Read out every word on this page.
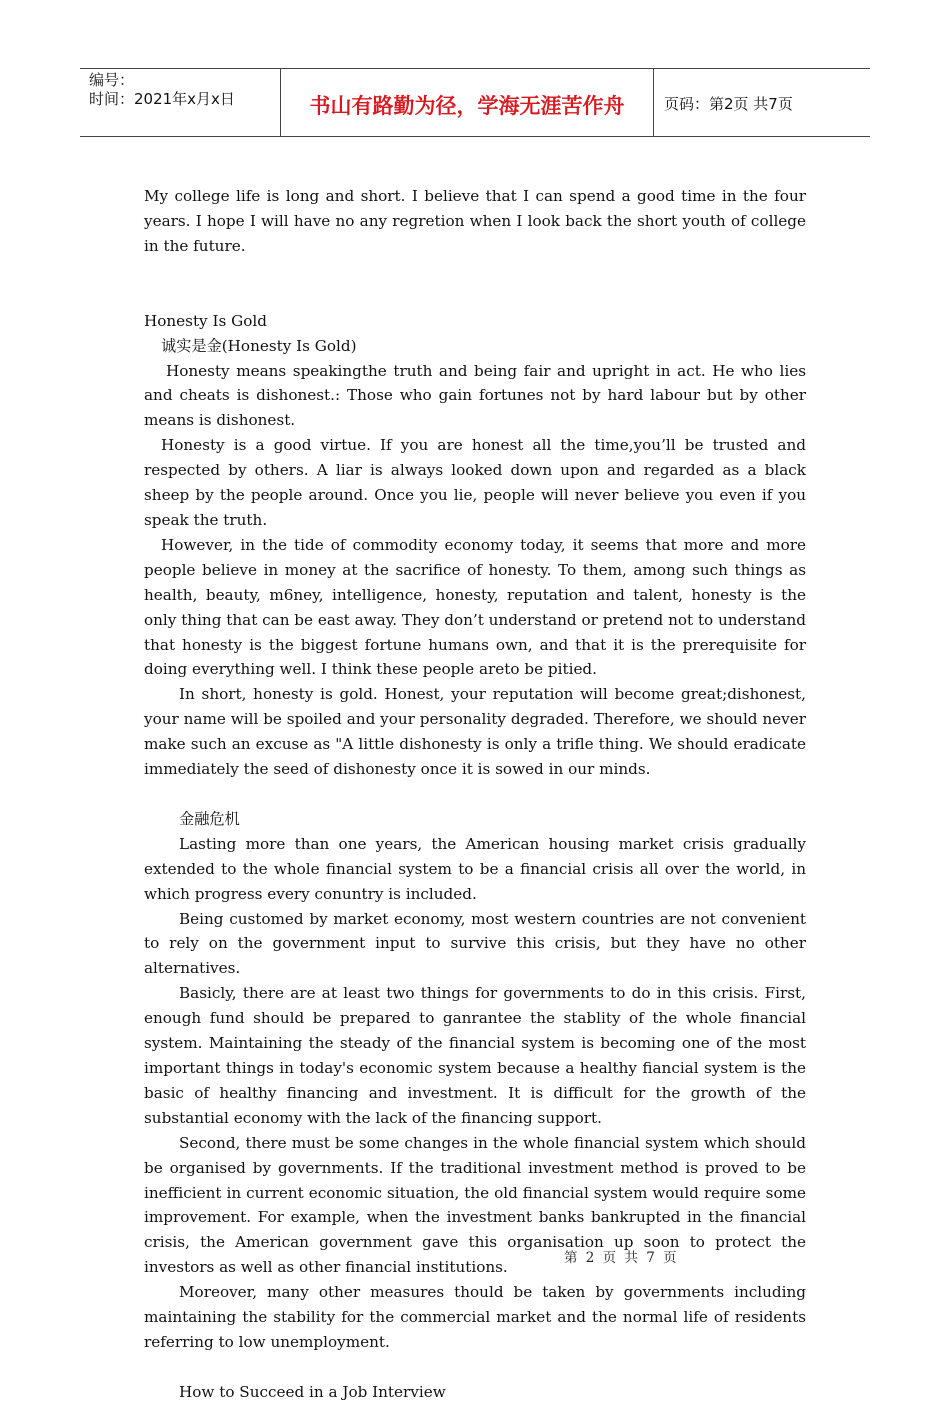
编号：
时间：2021年x月x日	书山有路勤为径，学海无涯苦作舟	页码：第2页 共7页

My college life is long and short. I believe that I can spend a good time in the four years. I hope I will have no any regretion when I look back the short youth of college in the future.

Honesty Is Gold

诚实是金(Honesty Is Gold)

Honesty means speakingthe truth and being fair and upright in act. He who lies and cheats is dishonest.: Those who gain fortunes not by hard labour but by other means is dishonest.

Honesty is a good virtue. If you are honest all the time,you’ll be trusted and respected by others. A liar is always looked down upon and regarded as a black sheep by the people around. Once you lie, people will never believe you even if you speak the truth.

However, in the tide of commodity economy today, it seems that more and more people believe in money at the sacrifice of honesty. To them, among such things as health, beauty, m6ney, intelligence, honesty, reputation and talent, honesty is the only thing that can be east away. They don’t understand or pretend not to understand that honesty is the biggest fortune humans own, and that it is the prerequisite for doing everything well. I think these people areto be pitied.

In short, honesty is gold. Honest, your reputation will become great;dishonest, your name will be spoiled and your personality degraded. Therefore, we should never make such an excuse as "A little dishonesty is only a trifle thing. We should eradicate immediately the seed of dishonesty once it is sowed in our minds.

金融危机

Lasting more than one years, the American housing market crisis gradually extended to the whole financial system to be a financial crisis all over the world, in which progress every conuntry is included.

Being customed by market economy, most western countries are not convenient to rely on the government input to survive this crisis, but they have no other alternatives.

Basicly, there are at least two things for governments to do in this crisis. First, enough fund should be prepared to ganrantee the stablity of the whole financial system. Maintaining the steady of the financial system is becoming one of the most important things in today's economic system because a healthy fiancial system is the basic of healthy financing and investment. It is difficult for the growth of the substantial economy with the lack of the financing support.

Second, there must be some changes in the whole financial system which should be organised by governments. If the traditional investment method is proved to be inefficient in current economic situation, the old financial system would require some improvement. For example, when the investment banks bankrupted in the financial crisis, the American government gave this organisation up soon to protect the investors as well as other financial institutions.

Moreover, many other measures thould be taken by governments including maintaining the stability for the commercial market and the normal life of residents referring to low unemployment.

How to Succeed in a Job Interview

第 2 页 共 7 页
